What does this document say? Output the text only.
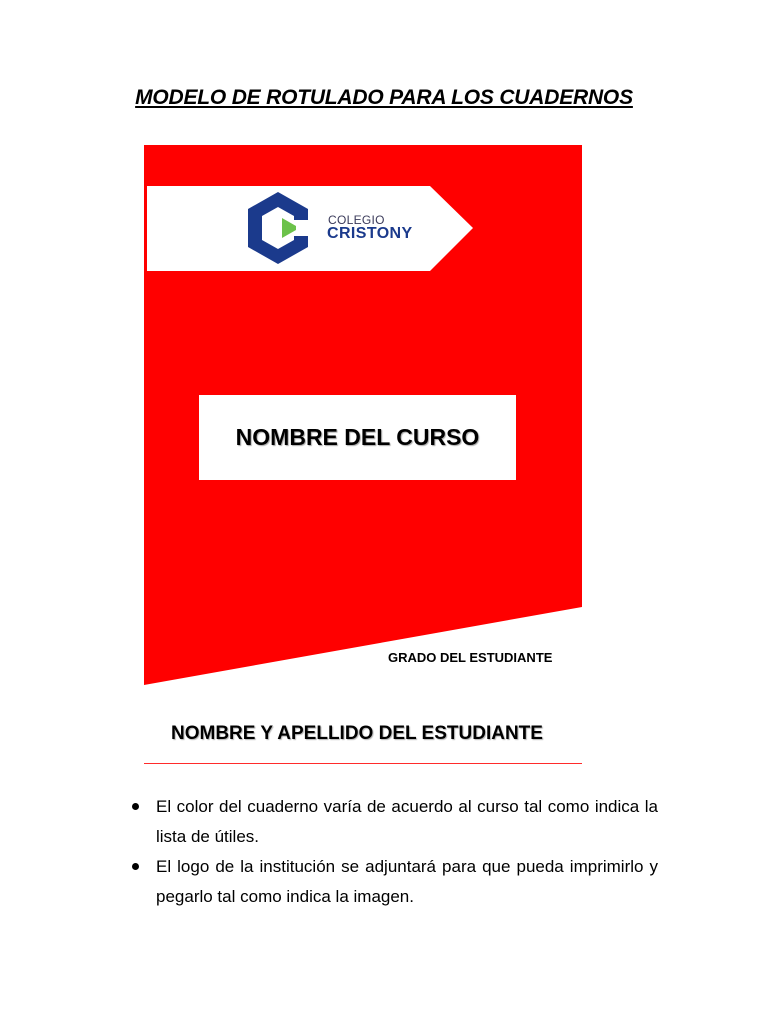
MODELO DE ROTULADO PARA LOS CUADERNOS
COLEGIO
CRISTONY
NOMBRE DEL CURSO
GRADO DEL ESTUDIANTE
NOMBRE Y APELLIDO DEL ESTUDIANTE
El color del cuaderno varía de acuerdo al curso tal como indica la lista de útiles.
El logo de la institución se adjuntará para que pueda imprimirlo y pegarlo tal como indica la imagen.
